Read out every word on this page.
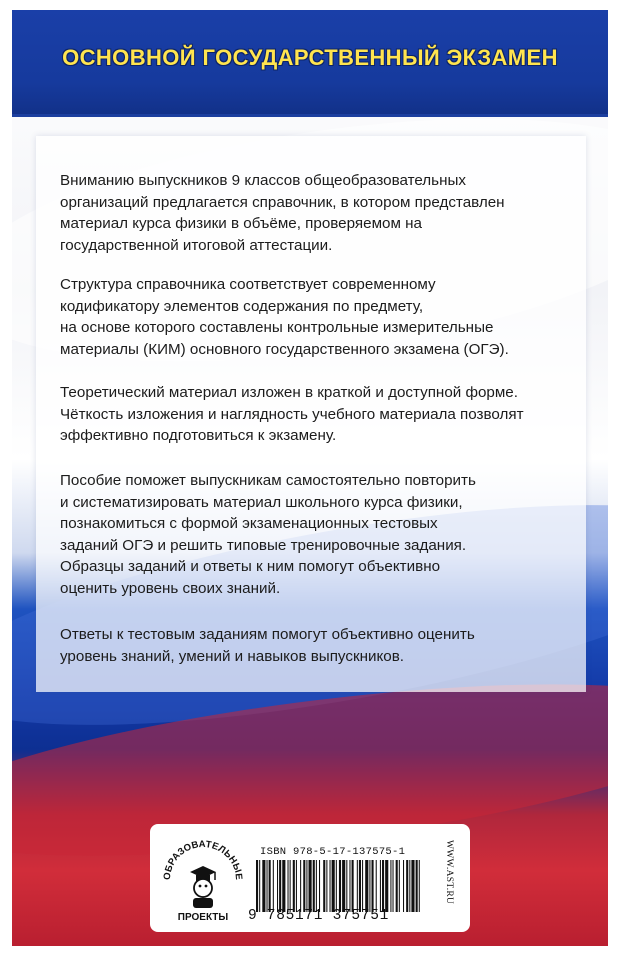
ОСНОВНОЙ ГОСУДАРСТВЕННЫЙ ЭКЗАМЕН

Вниманию выпускников 9 классов общеобразовательных
организаций предлагается справочник, в котором представлен
материал курса физики в объёме, проверяемом на
государственной итоговой аттестации.

Структура справочника соответствует современному
кодификатору элементов содержания по предмету,
на основе которого составлены контрольные измерительные
материалы (КИМ) основного государственного экзамена (ОГЭ).

Теоретический материал изложен в краткой и доступной форме.
Чёткость изложения и наглядность учебного материала позволят
эффективно подготовиться к экзамену.

Пособие поможет выпускникам самостоятельно повторить
и систематизировать материал школьного курса физики,
познакомиться с формой экзаменационных тестовых
заданий ОГЭ и решить типовые тренировочные задания.
Образцы заданий и ответы к ним помогут объективно
оценить уровень своих знаний.

Ответы к тестовым заданиям помогут объективно оценить
уровень знаний, умений и навыков выпускников.

ОБРАЗОВАТЕЛЬНЫЕ
ПРОЕКТЫ
ISBN 978-5-17-137575-1
9 785171 375751
WWW.AST.RU
